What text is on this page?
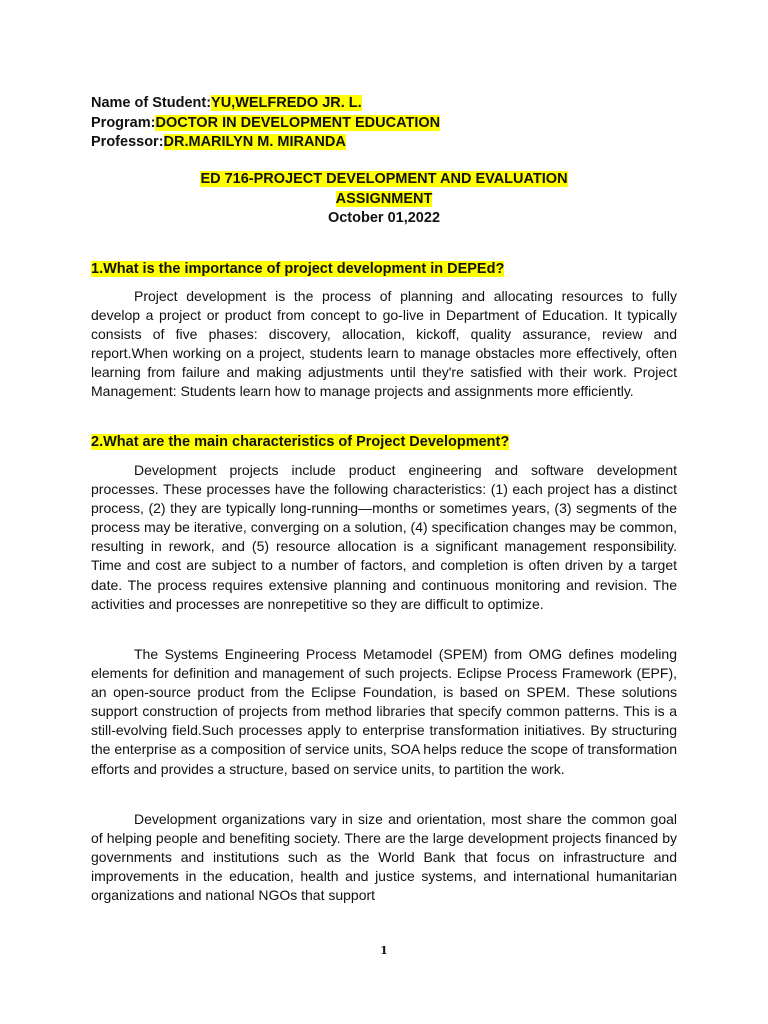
Name of Student:YU,WELFREDO JR. L.
Program:DOCTOR IN DEVELOPMENT EDUCATION
Professor:DR.MARILYN M. MIRANDA
ED 716-PROJECT DEVELOPMENT AND EVALUATION
ASSIGNMENT
October 01,2022
1.What is the importance of project development in DEPEd?

Project development is the process of planning and allocating resources to fully develop a project or product from concept to go-live in Department of Education. It typically consists of five phases: discovery, allocation, kickoff, quality assurance, review and report.When working on a project, students learn to manage obstacles more effectively, often learning from failure and making adjustments until they're satisfied with their work. Project Management: Students learn how to manage projects and assignments more efficiently.

2.What are the main characteristics of Project Development?

Development projects include product engineering and software development processes. These processes have the following characteristics: (1) each project has a distinct process, (2) they are typically long-running—months or sometimes years, (3) segments of the process may be iterative, converging on a solution, (4) specification changes may be common, resulting in rework, and (5) resource allocation is a significant management responsibility. Time and cost are subject to a number of factors, and completion is often driven by a target date. The process requires extensive planning and continuous monitoring and revision. The activities and processes are nonrepetitive so they are difficult to optimize.

The Systems Engineering Process Metamodel (SPEM) from OMG defines modeling elements for definition and management of such projects. Eclipse Process Framework (EPF), an open-source product from the Eclipse Foundation, is based on SPEM. These solutions support construction of projects from method libraries that specify common patterns. This is a still-evolving field.Such processes apply to enterprise transformation initiatives. By structuring the enterprise as a composition of service units, SOA helps reduce the scope of transformation efforts and provides a structure, based on service units, to partition the work.

Development organizations vary in size and orientation, most share the common goal of helping people and benefiting society. There are the large development projects financed by governments and institutions such as the World Bank that focus on infrastructure and improvements in the education, health and justice systems, and international humanitarian organizations and national NGOs that support

1
